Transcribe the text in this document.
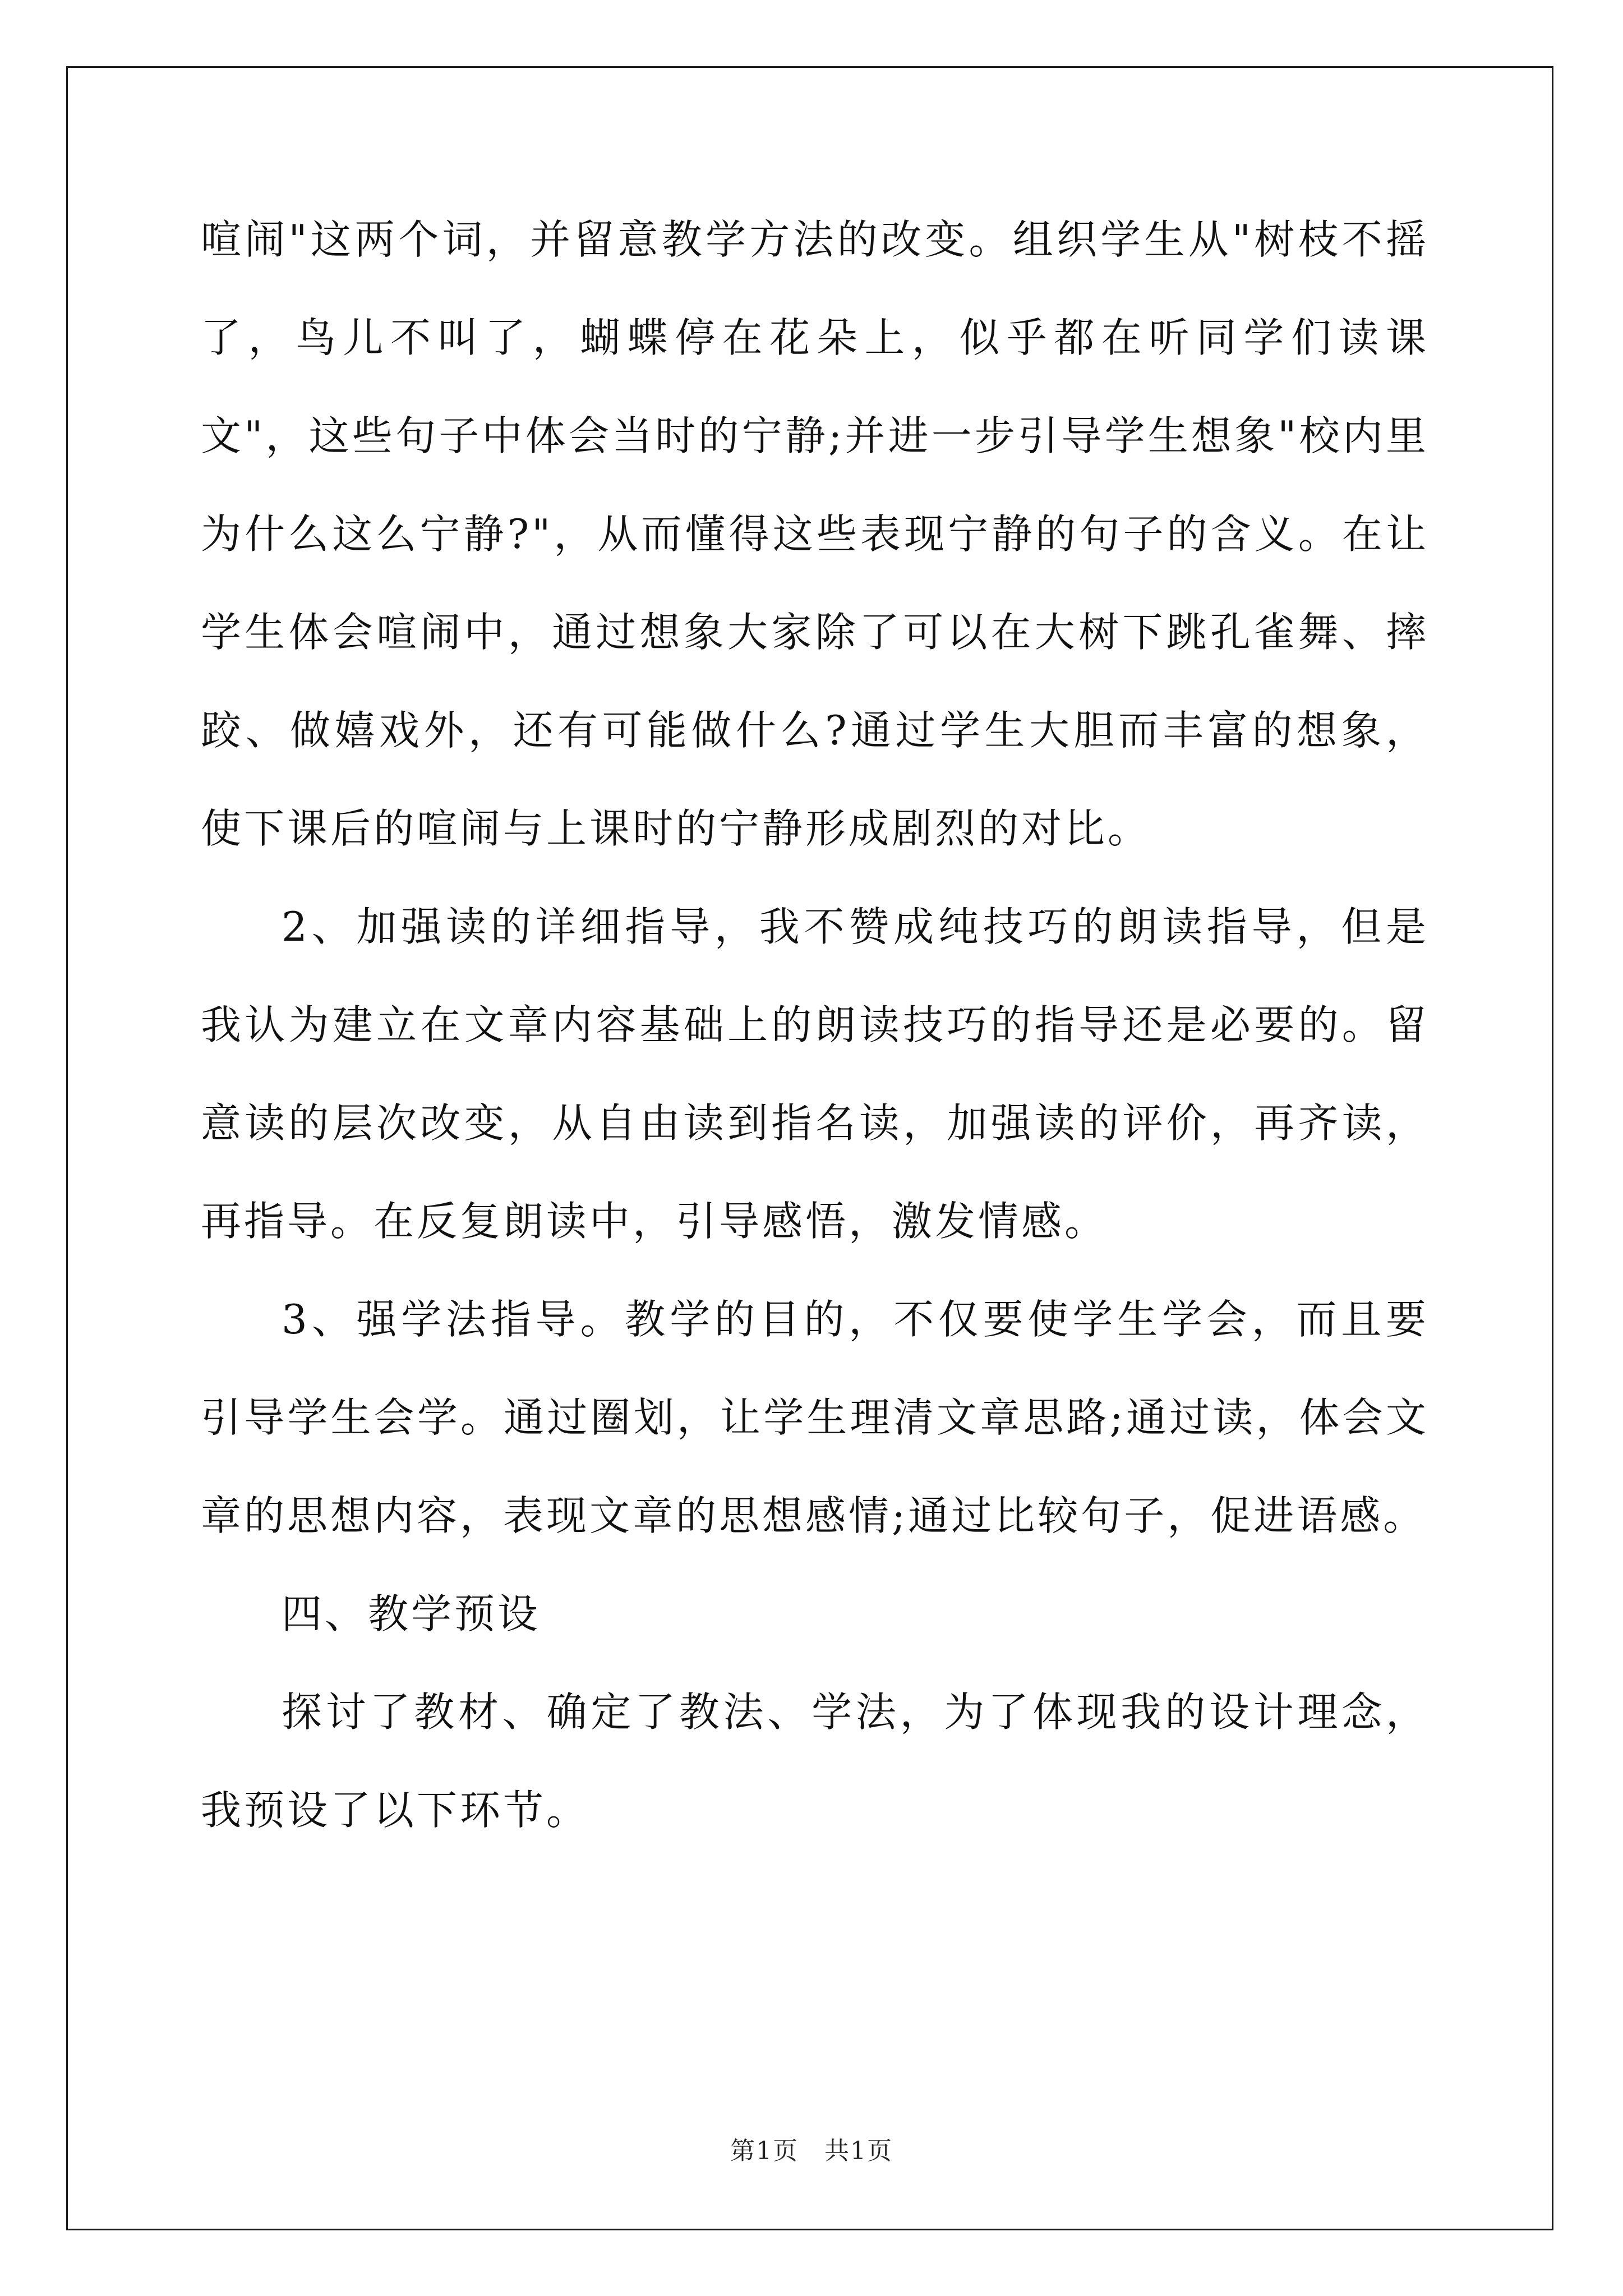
喧闹"这两个词，并留意教学方法的改变。组织学生从"树枝不摇了，鸟儿不叫了，蝴蝶停在花朵上，似乎都在听同学们读课文"，这些句子中体会当时的宁静;并进一步引导学生想象"校内里为什么这么宁静?"，从而懂得这些表现宁静的句子的含义。在让学生体会喧闹中，通过想象大家除了可以在大树下跳孔雀舞、摔跤、做嬉戏外，还有可能做什么?通过学生大胆而丰富的想象，使下课后的喧闹与上课时的宁静形成剧烈的对比。

2、加强读的详细指导，我不赞成纯技巧的朗读指导，但是我认为建立在文章内容基础上的朗读技巧的指导还是必要的。留意读的层次改变，从自由读到指名读，加强读的评价，再齐读，再指导。在反复朗读中，引导感悟，激发情感。

3、强学法指导。教学的目的，不仅要使学生学会，而且要引导学生会学。通过圈划，让学生理清文章思路;通过读，体会文章的思想内容，表现文章的思想感情;通过比较句子，促进语感。

四、教学预设

探讨了教材、确定了教法、学法，为了体现我的设计理念，我预设了以下环节。

第1页　共1页
